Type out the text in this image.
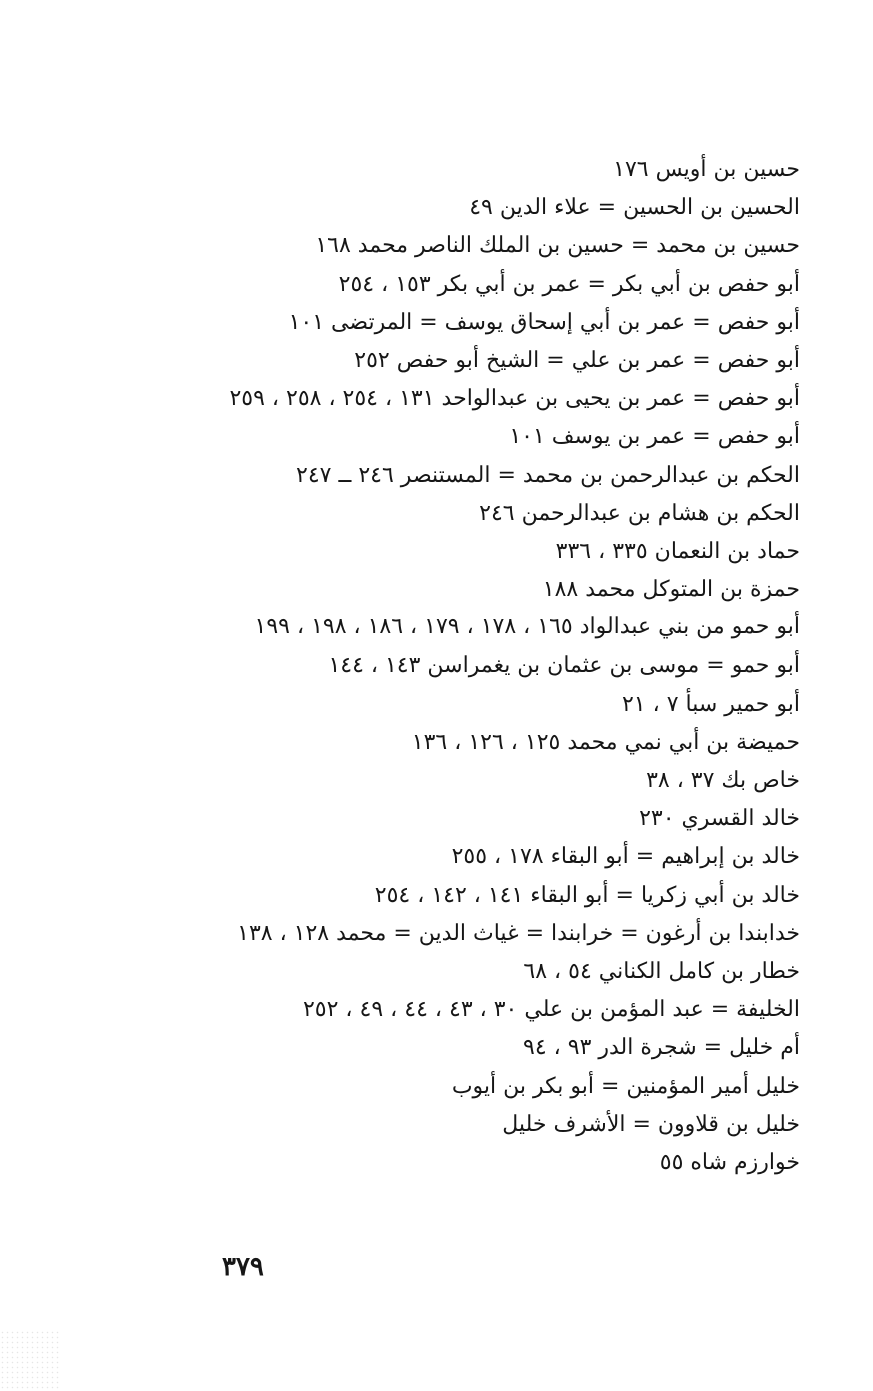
حسين بن أويس ١٧٦
الحسين بن الحسين = علاء الدين ٤٩
حسين بن محمد = حسين بن الملك الناصر محمد ١٦٨
أبو حفص بن أبي بكر = عمر بن أبي بكر ١٥٣ ، ٢٥٤
أبو حفص = عمر بن أبي إسحاق يوسف = المرتضى ١٠١
أبو حفص = عمر بن علي = الشيخ أبو حفص ٢٥٢
أبو حفص = عمر بن يحيى بن عبدالواحد ١٣١ ، ٢٥٤ ، ٢٥٨ ، ٢٥٩
أبو حفص = عمر بن يوسف ١٠١
الحكم بن عبدالرحمن بن محمد = المستنصر ٢٤٦ ــ ٢٤٧
الحكم بن هشام بن عبدالرحمن ٢٤٦
حماد بن النعمان ٣٣٥ ، ٣٣٦
حمزة بن المتوكل محمد ١٨٨
أبو حمو من بني عبدالواد ١٦٥ ، ١٧٨ ، ١٧٩ ، ١٨٦ ، ١٩٨ ، ١٩٩
أبو حمو = موسى بن عثمان بن يغمراسن ١٤٣ ، ١٤٤
أبو حمير سبأ ٧ ، ٢١
حميضة بن أبي نمي محمد ١٢٥ ، ١٢٦ ، ١٣٦
خاص بك ٣٧ ، ٣٨
خالد القسري ٢٣٠
خالد بن إبراهيم = أبو البقاء ١٧٨ ، ٢٥٥
خالد بن أبي زكريا = أبو البقاء ١٤١ ، ١٤٢ ، ٢٥٤
خدابندا بن أرغون = خرابندا = غياث الدين = محمد ١٢٨ ، ١٣٨
خطار بن كامل الكناني ٥٤ ، ٦٨
الخليفة = عبد المؤمن بن علي ٣٠ ، ٤٣ ، ٤٤ ، ٤٩ ، ٢٥٢
أم خليل = شجرة الدر ٩٣ ، ٩٤
خليل أمير المؤمنين = أبو بكر بن أيوب
خليل بن قلاوون = الأشرف خليل
خوارزم شاه ٥٥
٣٧٩
